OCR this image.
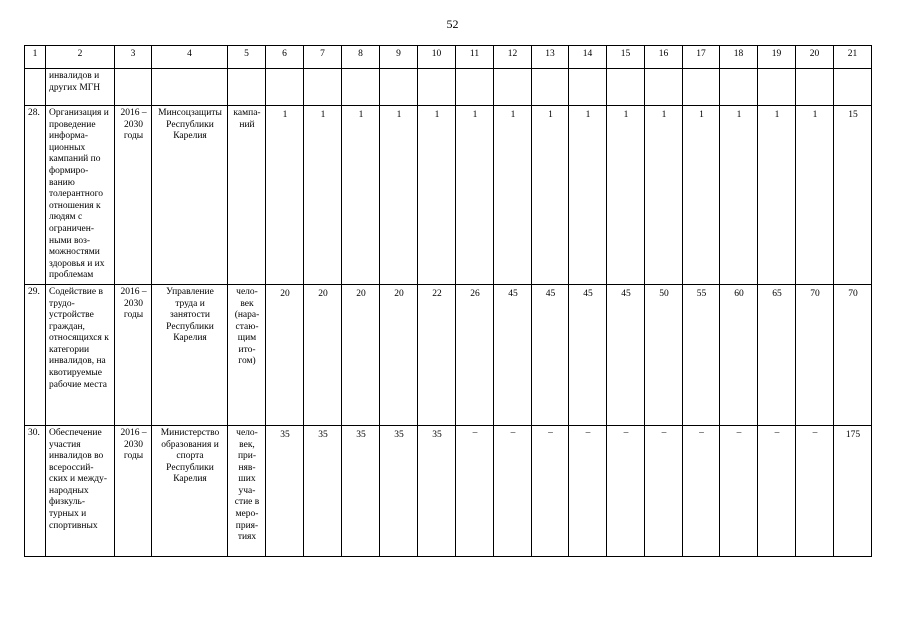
52
1	2	3	4	5	6	7	8	9	10	11	12	13	14	15	16	17	18	19	20	21
	инвалидов и других МГН																			
28.	Организация и проведение информа-ционных кампаний по формиро-ванию толерантного отношения к людям с ограничен-ными воз-можностями здоровья и их проблемам	2016 – 2030 годы	Минсоцзащиты Республики Карелия	кампа-ний	1	1	1	1	1	1	1	1	1	1	1	1	1	1	1	15
29.	Содействие в трудо-устройстве граждан, относящихся к категории инвалидов, на квотируемые рабочие места	2016 – 2030 годы	Управление труда и занятости Республики Карелия	чело-век (нара-стаю-щим ито-гом)	20	20	20	20	22	26	45	45	45	45	50	55	60	65	70	70
30.	Обеспечение участия инвалидов во всероссий-ских и между-народных физкуль-турных и спортивных	2016 – 2030 годы	Министерство образования и спорта Республики Карелия	чело-век, при-няв-ших уча-стие в меро-прия-тиях	35	35	35	35	35	–	–	–	–	–	–	–	–	–	–	175
